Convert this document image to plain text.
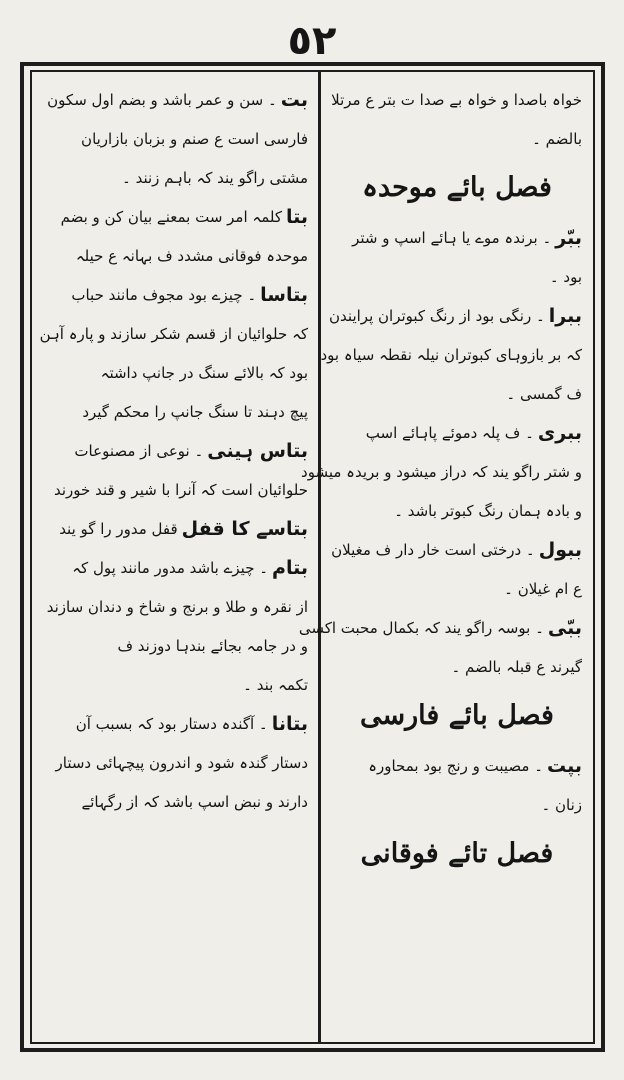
٥٢
خواہ باصدا و خواہ بے صدا ت بتر ع مرتلا
بالضم ۔
فصل بائے موحدہ
ببّر
۔ برندہ موے یا ہائے اسپ و شتر
بود ۔
ببرا
۔ رنگی بود از رنگ کبوتران پرایندن
کہ بر بازوہای کبوتران نیلہ نقطہ سیاہ بود
ف گمسی ۔
ببری
۔ ف پلہ دموئے پاہائے اسپ
و شتر راگو یند کہ دراز میشود و بریدہ میشود
و بادہ ہمان رنگ کبوتر باشد ۔
ببول
۔ درختی است خار دار ف مغیلان
ع ام غیلان ۔
ببّی
۔ بوسہ راگو یند کہ بکمال محبت اکسی
گیرند ع قبلہ بالضم ۔
فصل بائے فارسی
بپت
۔ مصیبت و رنج بود بمحاورہ
زنان ۔
فصل تائے فوقانی
بت
۔ سن و عمر باشد و بضم اول سکون
فارسی است ع صنم و بزبان بازاریان
مشتی راگو یند کہ باہم زنند ۔
بتا
کلمہ امر ست بمعنے بیان کن و بضم
موحدہ فوقانی مشدد ف بہانہ ع حیلہ
بتاسا
۔ چیزے بود مجوف مانند حباب
کہ حلوائیان از قسم شکر سازند و پارہ آہن
بود کہ بالائے سنگ در جانپ داشتہ
پیچ دہند تا سنگ جانپ را محکم گیرد
بتاس ہینی
۔ نوعی از مصنوعات
حلوائیان است کہ آنرا با شیر و قند خورند
بتاسے کا قفل
قفل مدور را گو یند
بتام
۔ چیزے باشد مدور مانند پول کہ
از نقرہ و طلا و برنج و شاخ و دندان سازند
و در جامہ بجائے بندہا دوزند ف
تکمہ بند ۔
بتانا
۔ آگندہ دستار بود کہ بسبب آن
دستار گندہ شود و اندرون پیچہائی دستار
دارند و نبض اسپ باشد کہ از رگہائے
